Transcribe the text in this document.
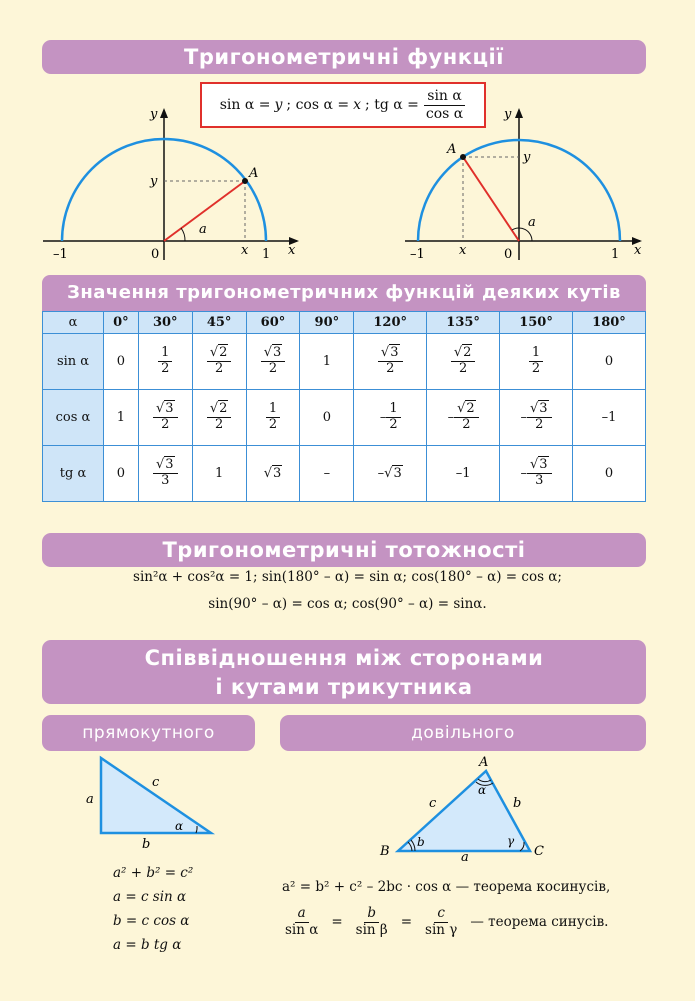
Тригонометричні функції
sin α = y ; cos α = x ; tg $\alpha = \frac{\text{sin α}}{\text{cos α}}$
y
y
A
a
0	x 1
–1	x
y
y
A
a
0
x	1
–1	x
Значення тригонометричних функцій деяких кутів
α	0°	30°	45°	60°	90°	120°	135°	150°	180°
sin α	0	$\frac{1}{2}$	$\frac{√2}{2}$	$\frac{√3}{2}$	1	$\frac{√3}{2}$	$\frac{√2}{2}$	$\frac{1}{2}$	0
cos α	1	$\frac{√3}{2}$	$\frac{√2}{2}$	$\frac{1}{2}$	0	– $\frac{1}{2}$	– $\frac{√2}{2}$	– $\frac{√3}{2}$	–1
tg α	0	$\frac{√3}{3}$	1	√3	–	–√3	–1	– $\frac{√3}{3}$	0
Тригонометричні тотожності
sin²α + cos²α = 1; sin(180° – α) = sin α; cos(180° – α) = cos α;
sin(90° – α) = cos α; cos(90° – α) = sinα.
Співвідношення між сторонами
і кутами трикутника
прямокутного	довільного
a
b
c
α
a² + b² = c²
a = c sin α
b = c cos α
a = b tg α
A
B	C
a
b
c
α
b	γ
a² = b² + c² – 2bc · cos α — теорема косинусів,
$\frac{a}{\text{sin α}} = \frac{b}{\text{sin β}} = \frac{c}{\text{sin γ}}$ — теорема синусів.
